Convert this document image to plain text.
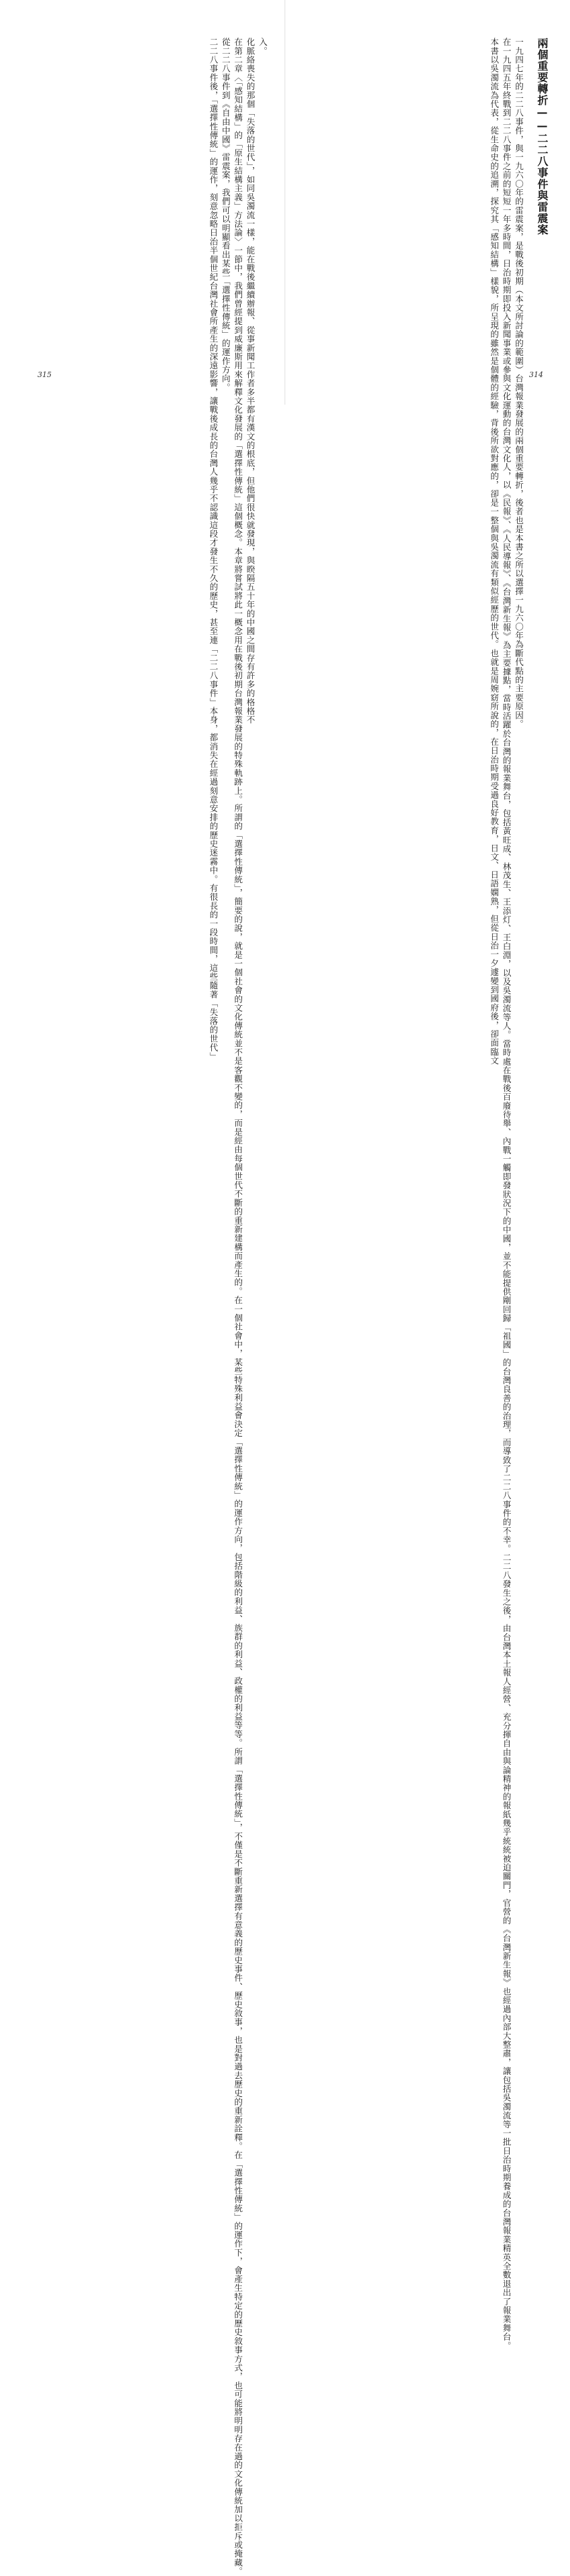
入。

化脈絡喪失的那個「失落的世代」，如同吳濁流一樣，能在戰後繼續辦報、從事新聞工作者多半都有漢文的根底，但他們很快就發現，與睽隔五十年的中國之間存有許多的格格不

在第二章〈「感知結構」的「原生結構主義」方法論〉一節中，我們曾經提到威廉斯用來解釋文化發展的「選擇性傳統」這個概念。本章將嘗試將此一概念用在戰後初期台灣報業發展的特殊軌跡上。所謂的「選擇性傳統」，簡要的說，就是一個社會的文化傳統並不是客觀不變的，而是經由每個世代不斷的重新建構而產生的。在一個社會中，某些特殊利益會決定「選擇性傳統」的運作方向，包括階級的利益、族群的利益、政權的利益等等。所謂「選擇性傳統」，不僅是不斷重新選擇有意義的歷史事件、歷史敘事，也是對過去歷史的重新詮釋。在「選擇性傳統」的運作下，會產生特定的歷史敘事方式，也可能將明明存在過的文化傳統加以拒斥或掩藏。

從二二八事件到《自由中國》雷震案，我們可以明顯看出某些「選擇性傳統」的運作方向。

二二八事件後，「選擇性傳統」的運作，刻意忽略日治半個世紀台灣社會所產生的深遠影響，讓戰後成長的台灣人幾乎不認識這段才發生不久的歷史，甚至連「二二八事件」本身，都消失在經過刻意安排的歷史迷霧中。有很長的一段時間，這些隨著「失落的世代」

315
兩個重要轉折——二二八事件與雷震案

一九四七年的二二八事件，與一九六〇年的雷震案，是戰後初期（本文所討論的範圍）台灣報業發展的兩個重要轉折，後者也是本書之所以選擇一九六〇年為斷代點的主要原因。

在一九四五年終戰到二二八事件之前的短短一年多時間，日治時期即投入新聞事業或參與文化運動的台灣文化人，以《民報》、《人民導報》、《台灣新生報》為主要據點，當時活躍於台灣的報業舞台，包括黃旺成、林茂生、王添灯、王白淵，以及吳濁流等人。當時處在戰後百廢待舉、內戰一觸即發狀況下的中國，並不能提供剛回歸「祖國」的台灣良善的治理，而導致了二二八事件的不幸。二二八發生之後，由台灣本土報人經營、充分揮自由與論精神的報紙幾乎統統被迫關門，官營的《台灣新生報》也經過內部大整肅，讓包括吳濁流等一批日治時期養成的台灣報業精英全數退出了報業舞台。

本書以吳濁流為代表，從生命史的追溯，探究其「感知結構」樣貌，所呈現的雖然是個體的經驗，背後所欲對應的，卻是一整個與吳濁流有類似經歷的世代。也就是周婉窈所說的，在日治時期受過良好教育，日文、日語嫻熟，但從日治一夕遽變到國府後，卻面臨文	314
